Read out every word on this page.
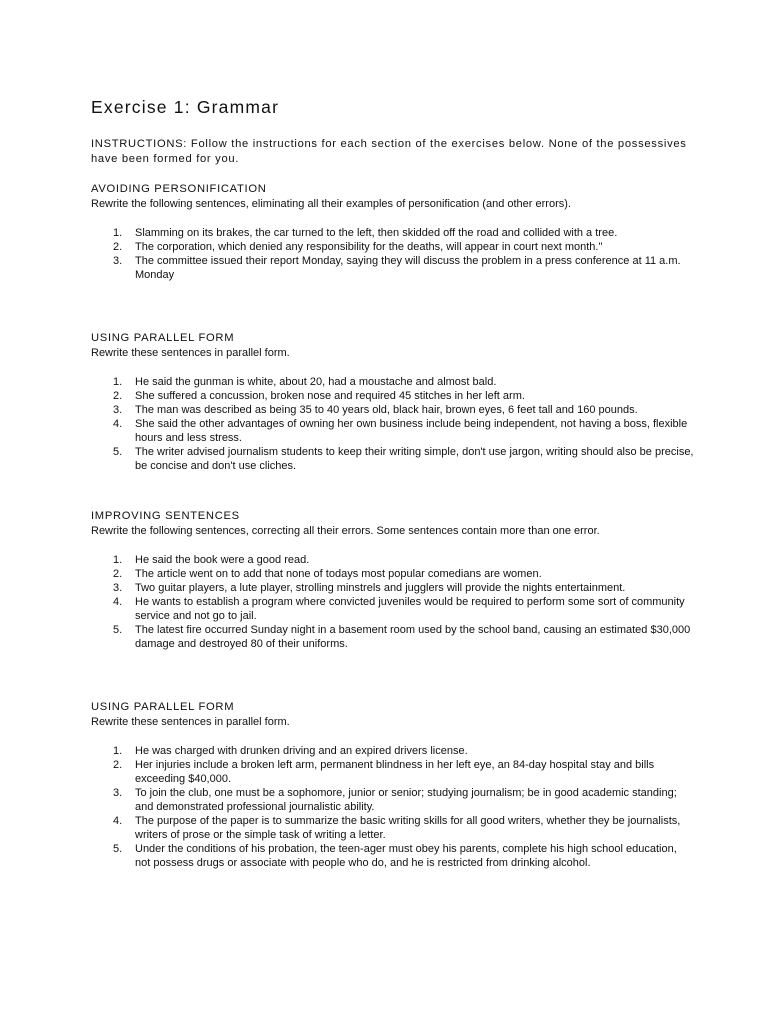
Exercise 1: Grammar

INSTRUCTIONS: Follow the instructions for each section of the exercises below. None of the possessives have been formed for you.

AVOIDING PERSONIFICATION

Rewrite the following sentences, eliminating all their examples of personification (and other errors).

1. Slamming on its brakes, the car turned to the left, then skidded off the road and collided with a tree.
2. The corporation, which denied any responsibility for the deaths, will appear in court next month."
3. The committee issued their report Monday, saying they will discuss the problem in a press conference at 11 a.m. Monday
USING PARALLEL FORM

Rewrite these sentences in parallel form.

1. He said the gunman is white, about 20, had a moustache and almost bald.
2. She suffered a concussion, broken nose and required 45 stitches in her left arm.
3. The man was described as being 35 to 40 years old, black hair, brown eyes, 6 feet tall and 160 pounds.
4. She said the other advantages of owning her own business include being independent, not having a boss, flexible hours and less stress.
5. The writer advised journalism students to keep their writing simple, don't use jargon, writing should also be precise, be concise and don't use cliches.
IMPROVING SENTENCES

Rewrite the following sentences, correcting all their errors. Some sentences contain more than one error.

1. He said the book were a good read.
2. The article went on to add that none of todays most popular comedians are women.
3. Two guitar players, a lute player, strolling minstrels and jugglers will provide the nights entertainment.
4. He wants to establish a program where convicted juveniles would be required to perform some sort of community service and not go to jail.
5. The latest fire occurred Sunday night in a basement room used by the school band, causing an estimated $30,000 damage and destroyed 80 of their uniforms.
USING PARALLEL FORM

Rewrite these sentences in parallel form.

1. He was charged with drunken driving and an expired drivers license.
2. Her injuries include a broken left arm, permanent blindness in her left eye, an 84-day hospital stay and bills exceeding $40,000.
3. To join the club, one must be a sophomore, junior or senior; studying journalism; be in good academic standing; and demonstrated professional journalistic ability.
4. The purpose of the paper is to summarize the basic writing skills for all good writers, whether they be journalists, writers of prose or the simple task of writing a letter.
5. Under the conditions of his probation, the teen-ager must obey his parents, complete his high school education, not possess drugs or associate with people who do, and he is restricted from drinking alcohol.
